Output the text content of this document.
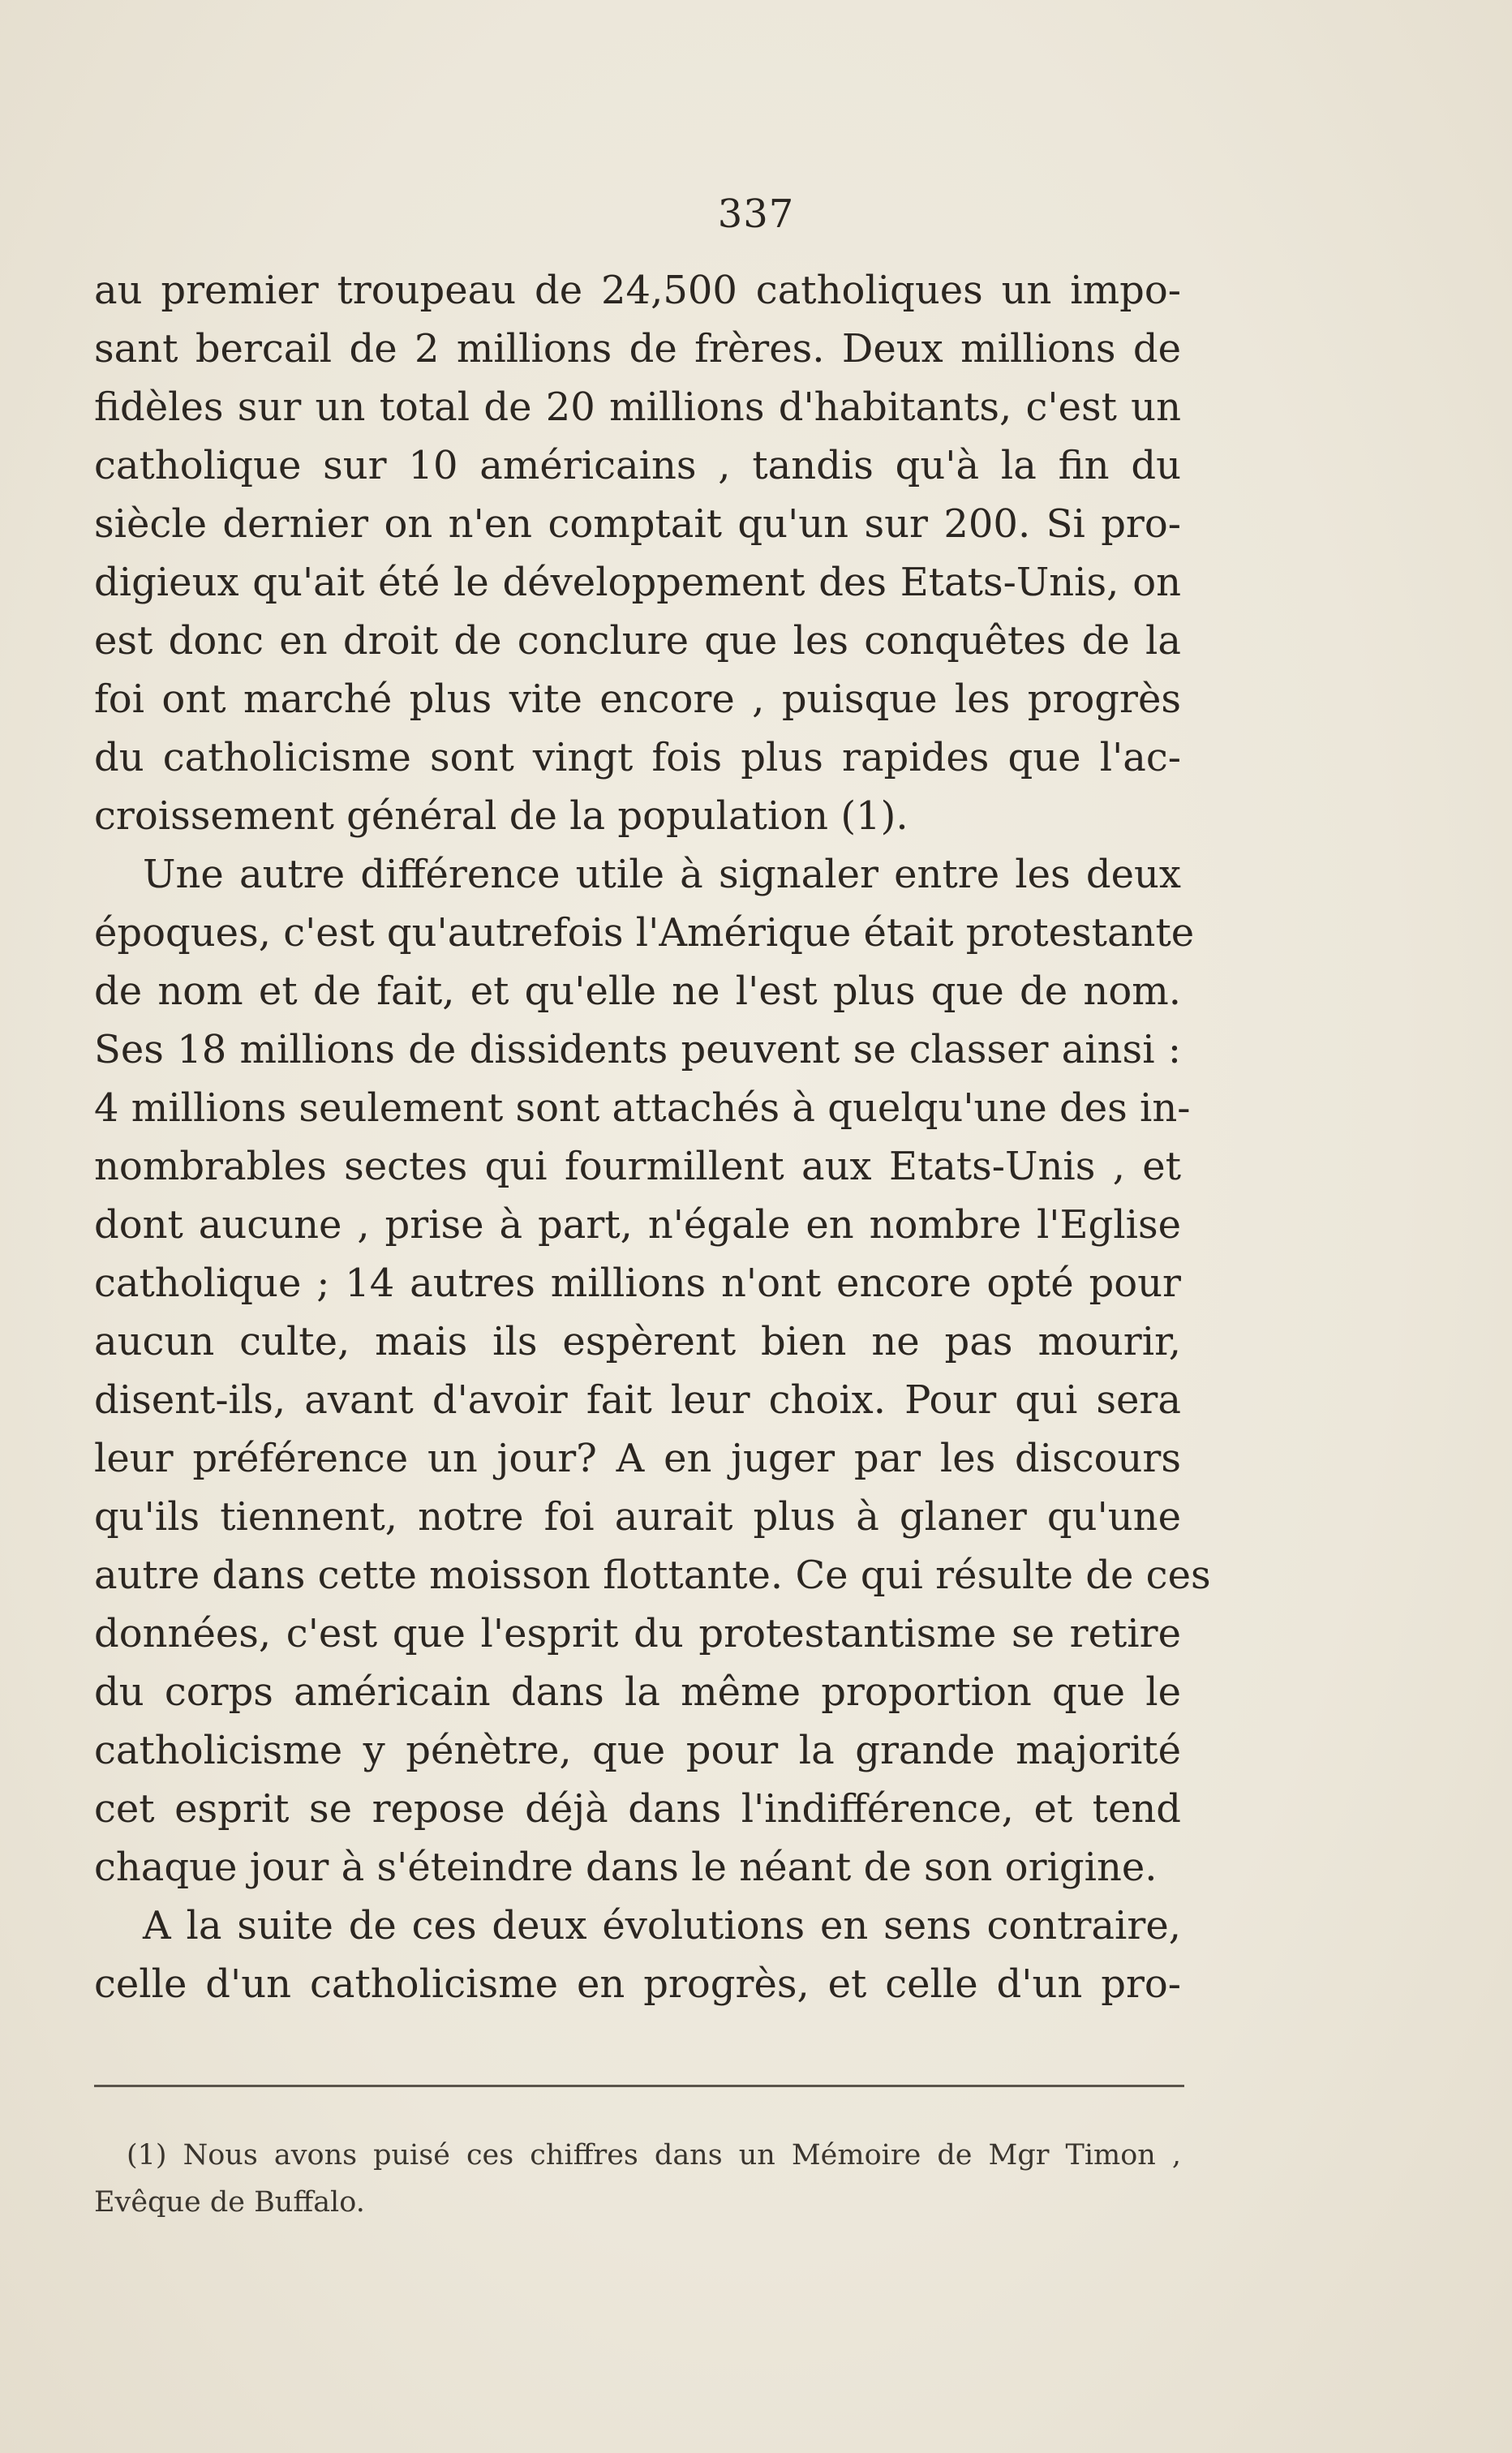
337
au premier troupeau de 24,500 catholiques un impo-
sant bercail de 2 millions de frères. Deux millions de
fidèles sur un total de 20 millions d'habitants, c'est un
catholique sur 10 américains , tandis qu'à la fin du
siècle dernier on n'en comptait qu'un sur 200. Si pro-
digieux qu'ait été le développement des Etats-Unis, on
est donc en droit de conclure que les conquêtes de la
foi ont marché plus vite encore , puisque les progrès
du catholicisme sont vingt fois plus rapides que l'ac-
croissement général de la population (1).
Une autre différence utile à signaler entre les deux
époques, c'est qu'autrefois l'Amérique était protestante
de nom et de fait, et qu'elle ne l'est plus que de nom.
Ses 18 millions de dissidents peuvent se classer ainsi :
4 millions seulement sont attachés à quelqu'une des in-
nombrables sectes qui fourmillent aux Etats-Unis , et
dont aucune , prise à part, n'égale en nombre l'Eglise
catholique ; 14 autres millions n'ont encore opté pour
aucun culte, mais ils espèrent bien ne pas mourir,
disent-ils, avant d'avoir fait leur choix. Pour qui sera
leur préférence un jour? A en juger par les discours
qu'ils tiennent, notre foi aurait plus à glaner qu'une
autre dans cette moisson flottante. Ce qui résulte de ces
données, c'est que l'esprit du protestantisme se retire
du corps américain dans la même proportion que le
catholicisme y pénètre, que pour la grande majorité
cet esprit se repose déjà dans l'indifférence, et tend
chaque jour à s'éteindre dans le néant de son origine.
A la suite de ces deux évolutions en sens contraire,
celle d'un catholicisme en progrès, et celle d'un pro-
(1) Nous avons puisé ces chiffres dans un Mémoire de Mgr Timon ,
Evêque de Buffalo.
